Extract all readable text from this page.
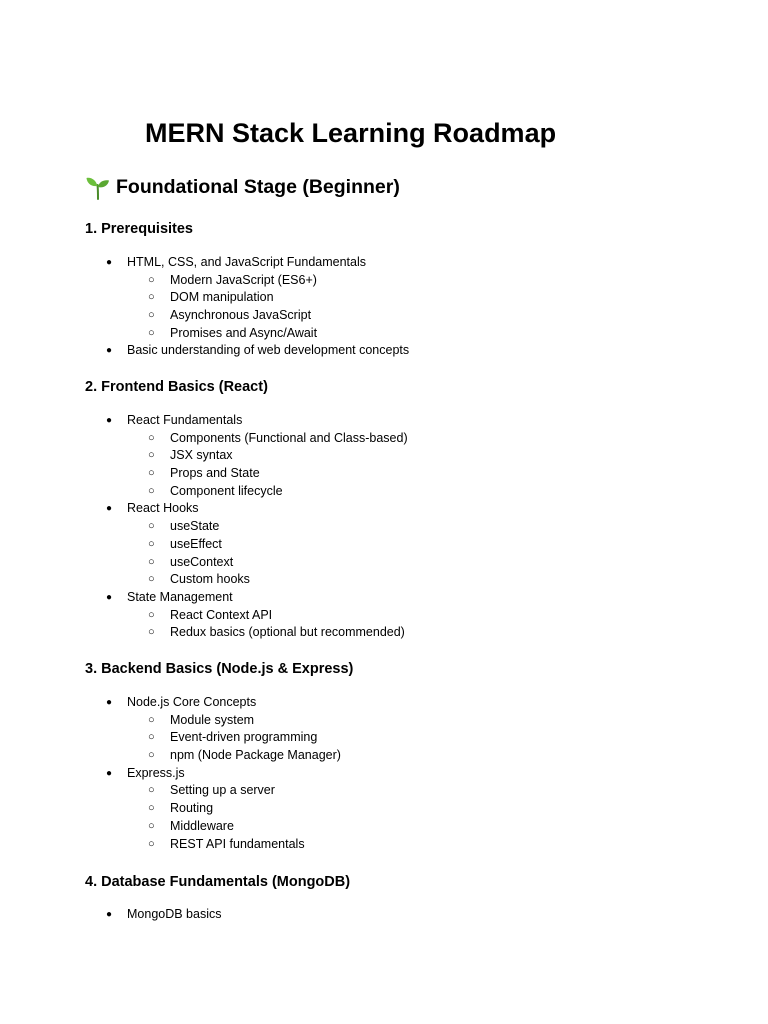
MERN Stack Learning Roadmap
Foundational Stage (Beginner)
1. Prerequisites
● HTML, CSS, and JavaScript Fundamentals
○ Modern JavaScript (ES6+)
○ DOM manipulation
○ Asynchronous JavaScript
○ Promises and Async/Await
● Basic understanding of web development concepts
2. Frontend Basics (React)
● React Fundamentals
○ Components (Functional and Class-based)
○ JSX syntax
○ Props and State
○ Component lifecycle
● React Hooks
○ useState
○ useEffect
○ useContext
○ Custom hooks
● State Management
○ React Context API
○ Redux basics (optional but recommended)
3. Backend Basics (Node.js & Express)
● Node.js Core Concepts
○ Module system
○ Event-driven programming
○ npm (Node Package Manager)
● Express.js
○ Setting up a server
○ Routing
○ Middleware
○ REST API fundamentals
4. Database Fundamentals (MongoDB)
● MongoDB basics
